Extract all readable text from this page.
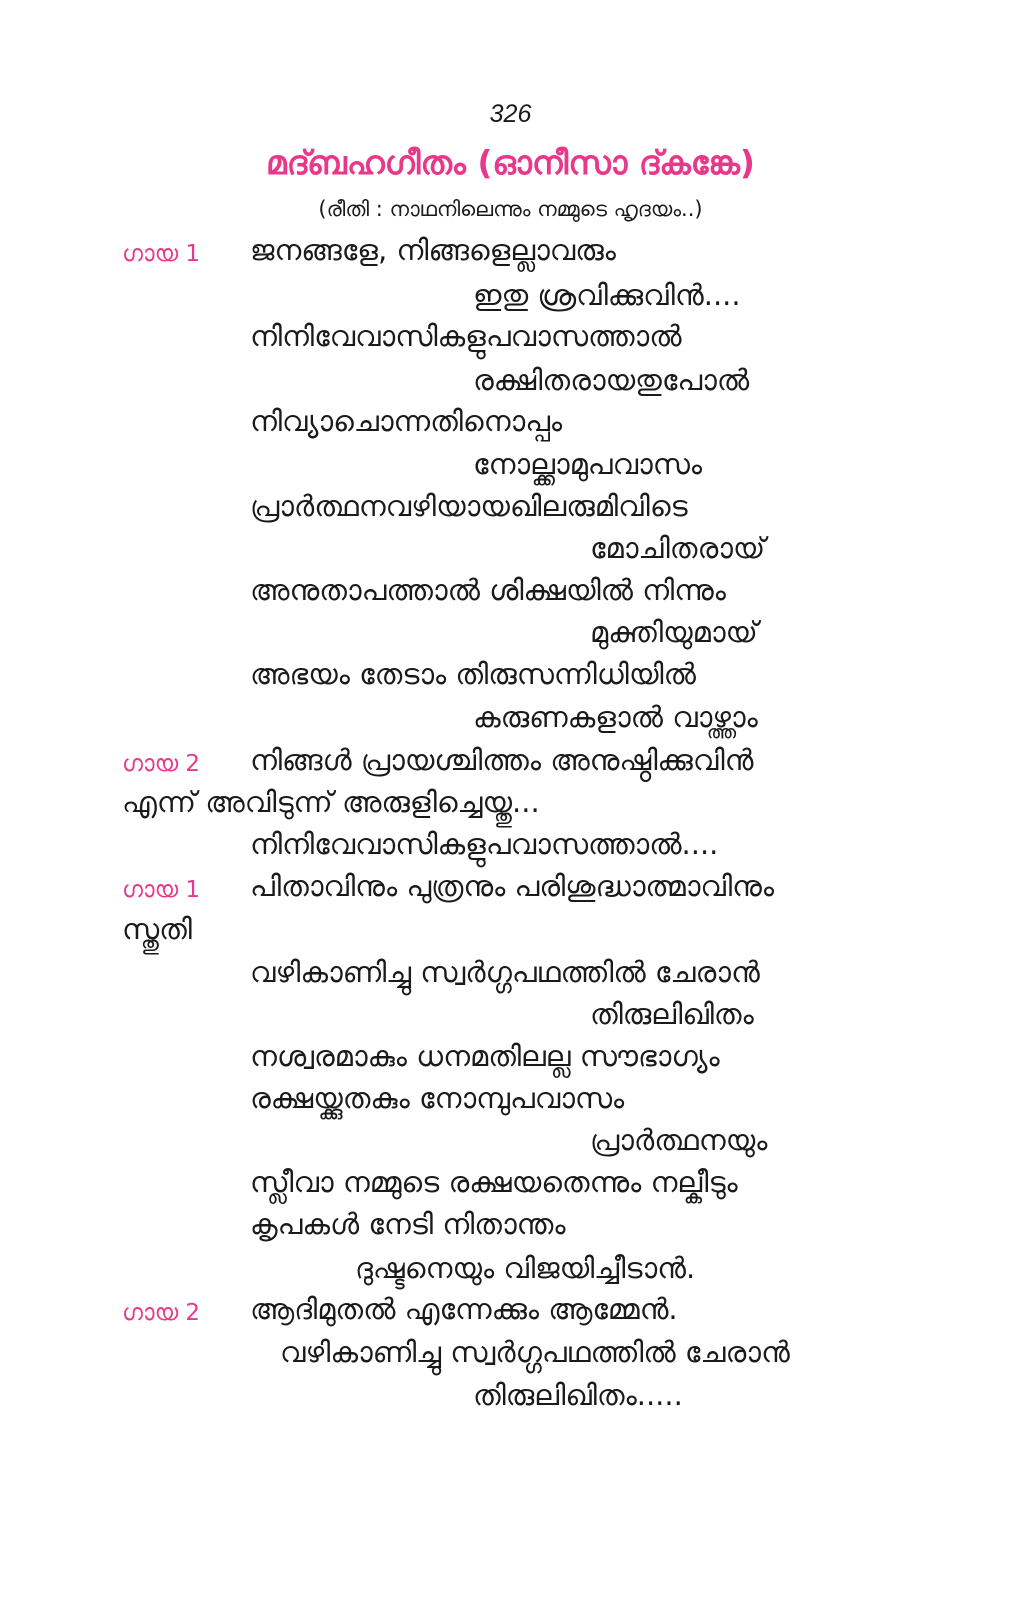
326
മദ്ബഹഗീതം (ഓനീസാ ദ്കങ്കേ)
(രീതി : നാഥനിലെന്നും നമ്മുടെ ഹൃദയം..)
ഗായ 1 ജനങ്ങളേ, നിങ്ങളെല്ലാവരും
ഇതു ശ്രവിക്കുവിൻ....
നിനിവേവാസികളുപവാസത്താൽ
രക്ഷിതരായതുപോൽ
നിവ്യാചൊന്നതിനൊപ്പം
നോല്ക്കാമുപവാസം
പ്രാർത്ഥനവഴിയായഖിലരുമിവിടെ
മോചിതരായ്
അനുതാപത്താൽ ശിക്ഷയിൽ നിന്നും
മുക്തിയുമായ്
അഭയം തേടാം തിരുസന്നിധിയിൽ
കരുണകളാൽ വാഴ്ത്താം
ഗായ 2 നിങ്ങൾ പ്രായശ്ചിത്തം അനുഷ്ഠിക്കുവിൻ
എന്ന് അവിടുന്ന് അരുളിച്ചെയ്തു...
നിനിവേവാസികളുപവാസത്താൽ....
ഗായ 1 പിതാവിനും പുത്രനും പരിശുദ്ധാത്മാവിനും
സ്തുതി
വഴികാണിച്ചു സ്വർഗ്ഗപഥത്തിൽ ചേരാൻ
തിരുലിഖിതം
നശ്വരമാകും ധനമതിലല്ല സൗഭാഗ്യം
രക്ഷയ്ക്കുതകും നോമ്പുപവാസം
പ്രാർത്ഥനയും
സ്ലീവാ നമ്മുടെ രക്ഷയതെന്നും നല്കീടും
കൃപകൾ നേടി നിതാന്തം
ദുഷ്ടനെയും വിജയിച്ചീടാൻ.
ഗായ 2 ആദിമുതൽ എന്നേക്കും ആമ്മേൻ.
വഴികാണിച്ചു സ്വർഗ്ഗപഥത്തിൽ ചേരാൻ
തിരുലിഖിതം.....
